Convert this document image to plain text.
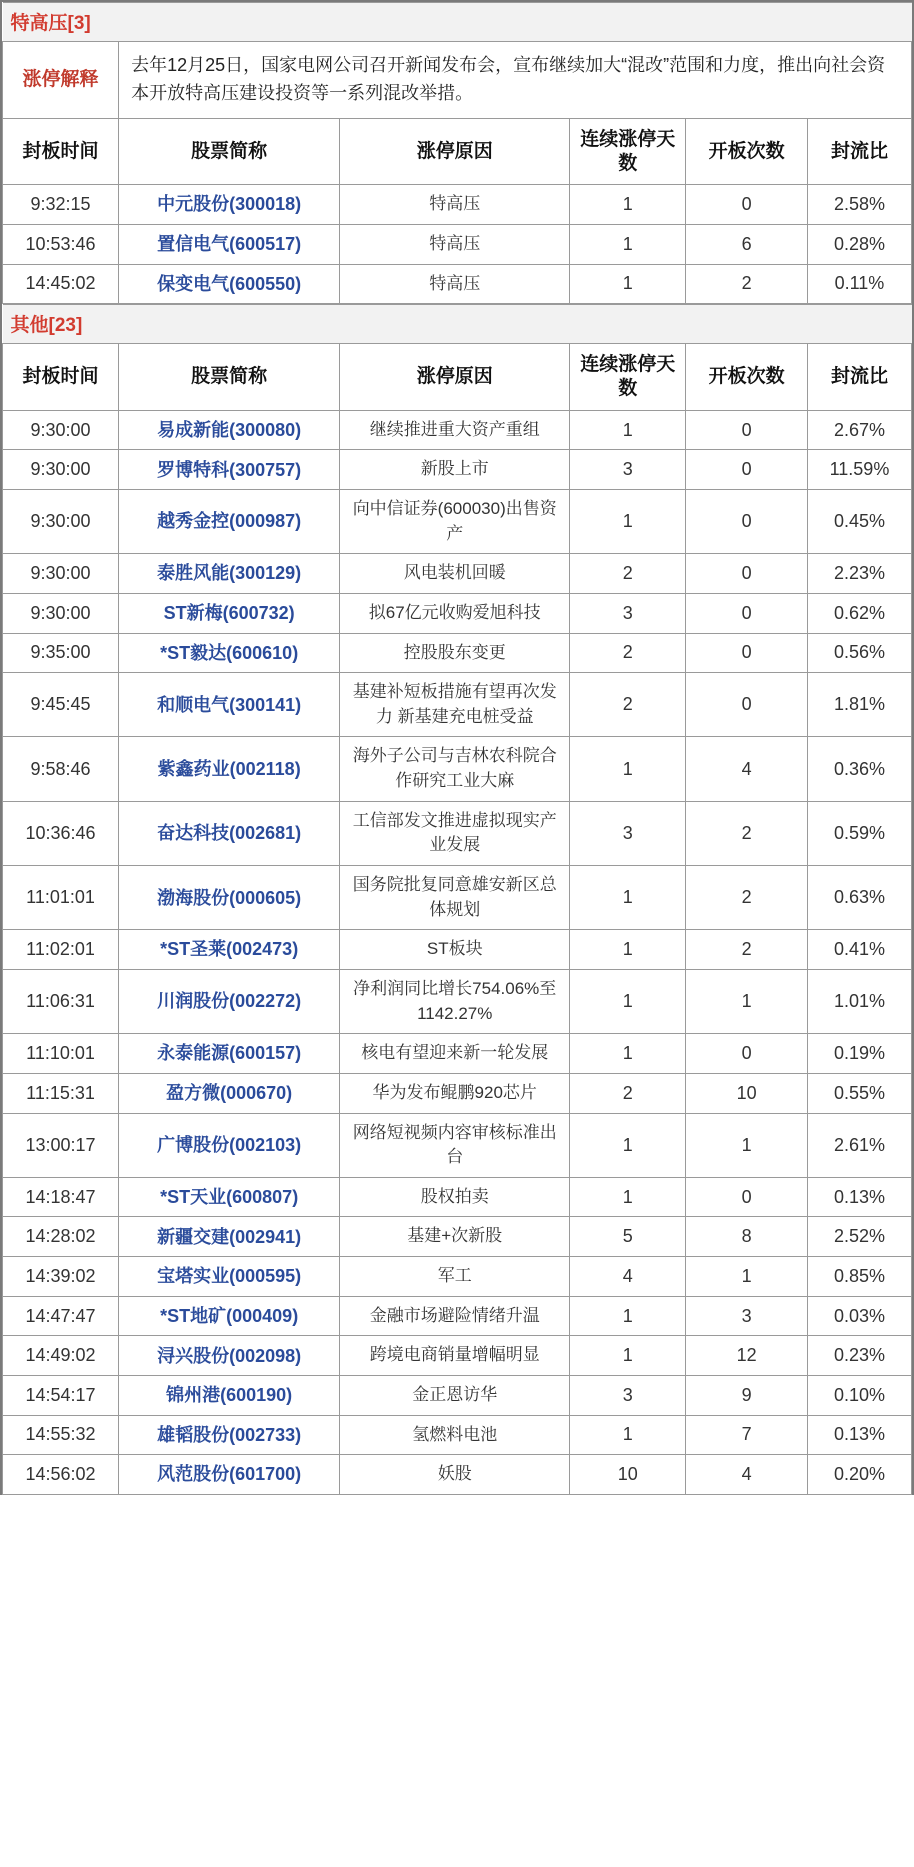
特高压[3]					
涨停解释	去年12月25日，国家电网公司召开新闻发布会，宣布继续加大“混改”范围和力度，推出向社会资本开放特高压建设投资等一系列混改举措。				
封板时间	股票简称	涨停原因	连续涨停天数	开板次数	封流比
9:32:15	中元股份(300018)	特高压	1	0	2.58%
10:53:46	置信电气(600517)	特高压	1	6	0.28%
14:45:02	保变电气(600550)	特高压	1	2	0.11%
其他[23]					
封板时间	股票简称	涨停原因	连续涨停天数	开板次数	封流比
9:30:00	易成新能(300080)	继续推进重大资产重组	1	0	2.67%
9:30:00	罗博特科(300757)	新股上市	3	0	11.59%
9:30:00	越秀金控(000987)	向中信证券(600030)出售资产	1	0	0.45%
9:30:00	泰胜风能(300129)	风电装机回暖	2	0	2.23%
9:30:00	ST新梅(600732)	拟67亿元收购爱旭科技	3	0	0.62%
9:35:00	*ST毅达(600610)	控股股东变更	2	0	0.56%
9:45:45	和顺电气(300141)	基建补短板措施有望再次发力 新基建充电桩受益	2	0	1.81%
9:58:46	紫鑫药业(002118)	海外子公司与吉林农科院合作研究工业大麻	1	4	0.36%
10:36:46	奋达科技(002681)	工信部发文推进虚拟现实产业发展	3	2	0.59%
11:01:01	渤海股份(000605)	国务院批复同意雄安新区总体规划	1	2	0.63%
11:02:01	*ST圣莱(002473)	ST板块	1	2	0.41%
11:06:31	川润股份(002272)	净利润同比增长754.06%至1142.27%	1	1	1.01%
11:10:01	永泰能源(600157)	核电有望迎来新一轮发展	1	0	0.19%
11:15:31	盈方微(000670)	华为发布鲲鹏920芯片	2	10	0.55%
13:00:17	广博股份(002103)	网络短视频内容审核标准出台	1	1	2.61%
14:18:47	*ST天业(600807)	股权拍卖	1	0	0.13%
14:28:02	新疆交建(002941)	基建+次新股	5	8	2.52%
14:39:02	宝塔实业(000595)	军工	4	1	0.85%
14:47:47	*ST地矿(000409)	金融市场避险情绪升温	1	3	0.03%
14:49:02	浔兴股份(002098)	跨境电商销量增幅明显	1	12	0.23%
14:54:17	锦州港(600190)	金正恩访华	3	9	0.10%
14:55:32	雄韬股份(002733)	氢燃料电池	1	7	0.13%
14:56:02	风范股份(601700)	妖股	10	4	0.20%
